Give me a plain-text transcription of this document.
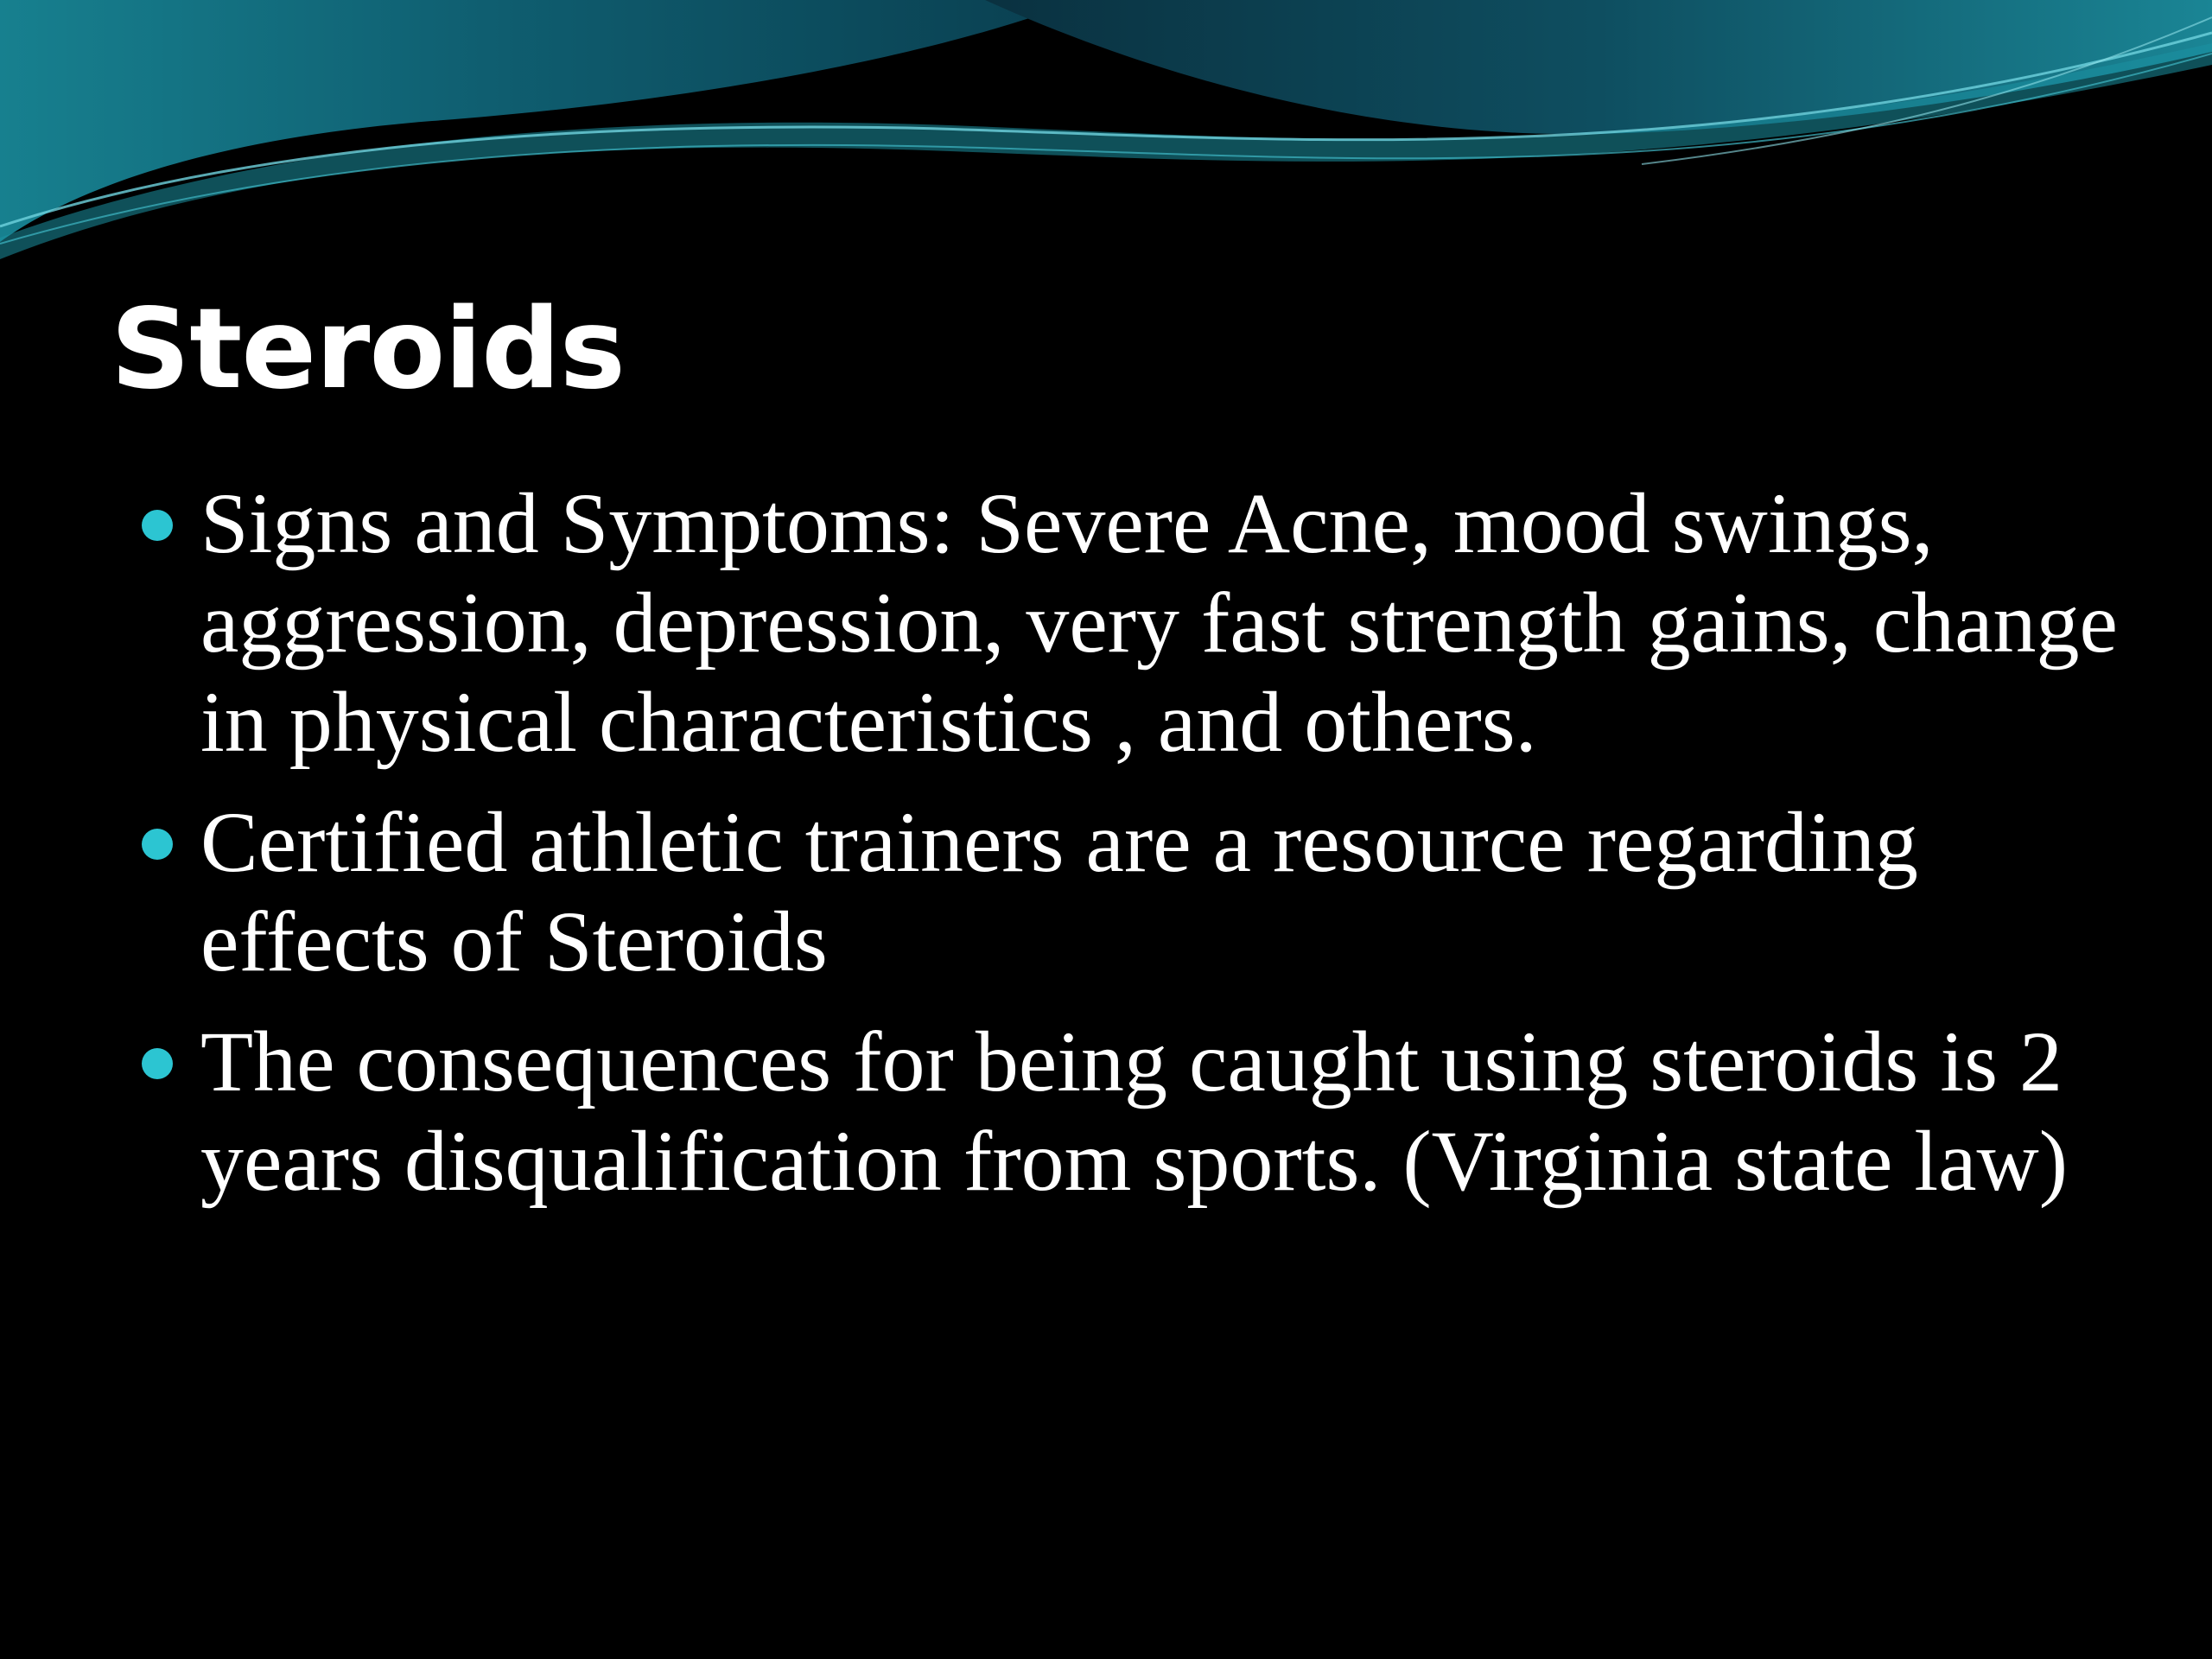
Steroids
Signs and Symptoms: Severe Acne, mood swings, aggression, depression, very fast strength gains, change in physical characteristics , and others.
Certified athletic trainers are a resource regarding effects of Steroids
The consequences for being caught using steroids is 2 years disqualification from sports. (Virginia state law)
